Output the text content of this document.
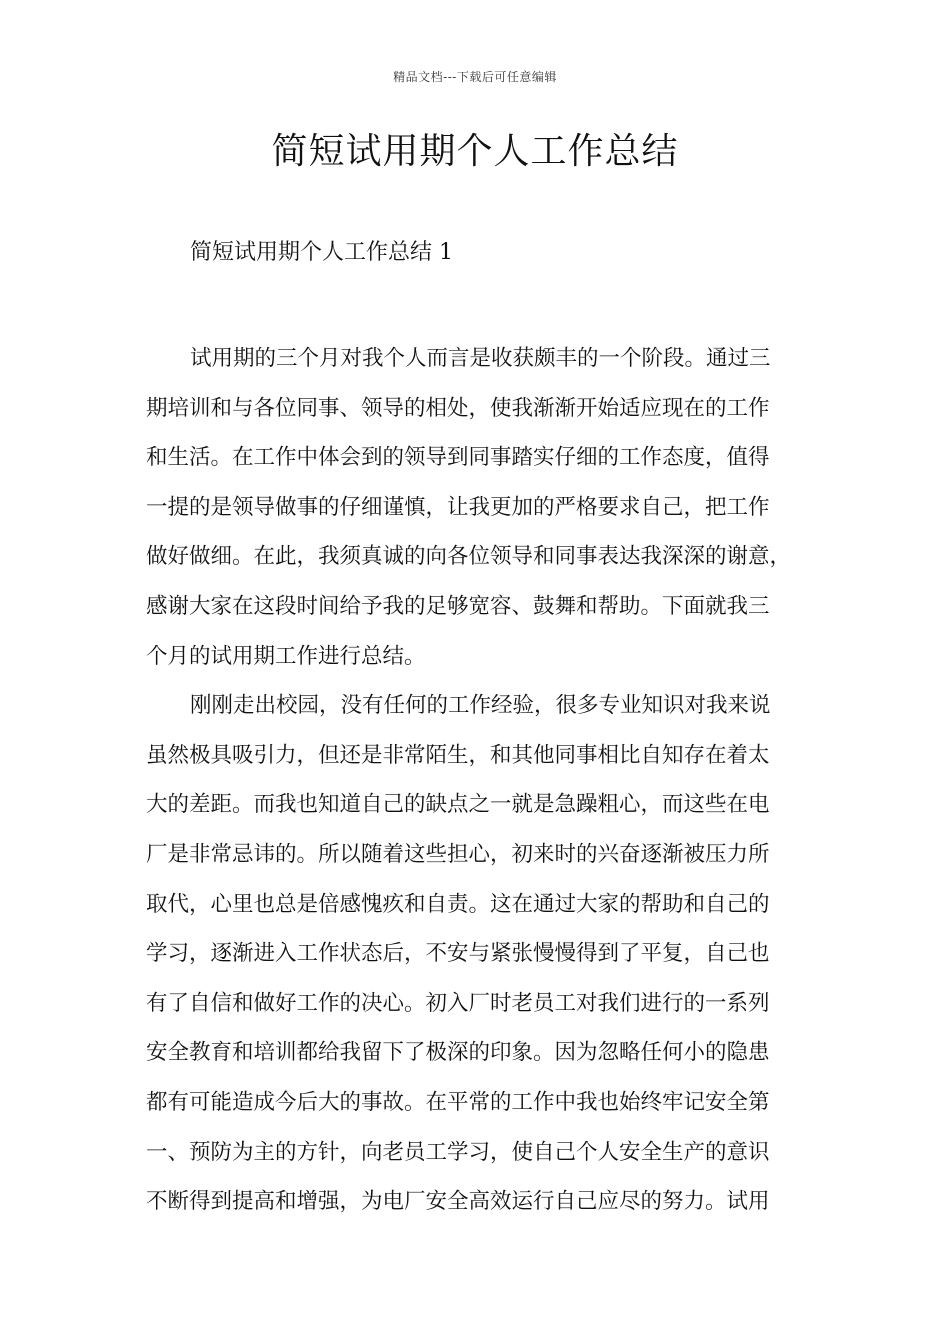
精品文档---下载后可任意编辑
简短试用期个人工作总结

简短试用期个人工作总结 1

试用期的三个月对我个人而言是收获颇丰的一个阶段。通过三
期培训和与各位同事、领导的相处，使我渐渐开始适应现在的工作
和生活。在工作中体会到的领导到同事踏实仔细的工作态度，值得
一提的是领导做事的仔细谨慎，让我更加的严格要求自己，把工作
做好做细。在此，我须真诚的向各位领导和同事表达我深深的谢意，
感谢大家在这段时间给予我的足够宽容、鼓舞和帮助。下面就我三
个月的试用期工作进行总结。
刚刚走出校园，没有任何的工作经验，很多专业知识对我来说
虽然极具吸引力，但还是非常陌生，和其他同事相比自知存在着太
大的差距。而我也知道自己的缺点之一就是急躁粗心，而这些在电
厂是非常忌讳的。所以随着这些担心，初来时的兴奋逐渐被压力所
取代，心里也总是倍感愧疚和自责。这在通过大家的帮助和自己的
学习，逐渐进入工作状态后，不安与紧张慢慢得到了平复，自己也
有了自信和做好工作的决心。初入厂时老员工对我们进行的一系列
安全教育和培训都给我留下了极深的印象。因为忽略任何小的隐患
都有可能造成今后大的事故。在平常的工作中我也始终牢记安全第
一、预防为主的方针，向老员工学习，使自己个人安全生产的意识
不断得到提高和增强，为电厂安全高效运行自己应尽的努力。试用
